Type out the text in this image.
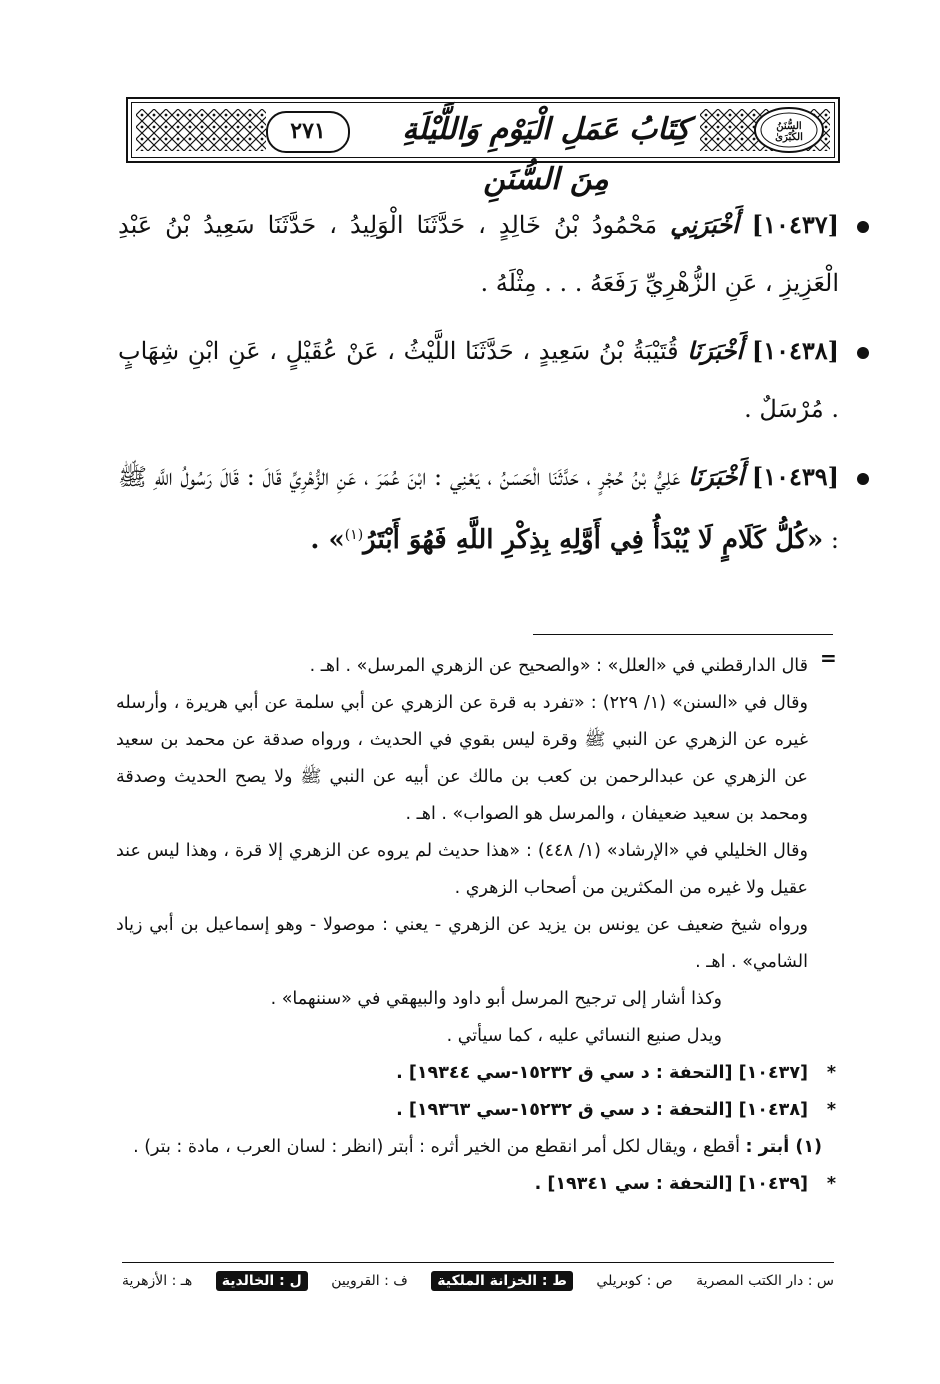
٢٧١	كِتَابُ عَمَلِ الْيَوْمِ وَاللَّيْلَةِ مِنَ السُّنَنِ
السُّنَنُ الكُبْرَىٰ
[١٠٤٣٧] أَخْبَرَنِي مَحْمُودُ بْنُ خَالِدٍ ، حَدَّثَنَا الْوَلِيدُ ، حَدَّثَنَا سَعِيدُ بْنُ عَبْدِ الْعَزِيزِ ، عَنِ الزُّهْرِيِّ رَفَعَهُ . . . مِثْلَهُ .
[١٠٤٣٨] أَخْبَرَنَا قُتَيْبَةُ بْنُ سَعِيدٍ ، حَدَّثَنَا اللَّيْثُ ، عَنْ عُقَيْلٍ ، عَنِ ابْنِ شِهَابٍ . مُرْسَلٌ .
[١٠٤٣٩] أَخْبَرَنَا عَلِيُّ بْنُ حُجْرٍ ، حَدَّثَنَا الْحَسَنُ ، يَعْنِي : ابْنَ عُمَرَ ، عَنِ الزُّهْرِيِّ قَالَ : قَالَ رَسُولُ اللَّهِ ﷺ : «كُلُّ كَلَامٍ لَا يُبْدَأُ فِي أَوَّلِهِ بِذِكْرِ اللَّهِ فَهُوَ أَبْتَرُ$^{(١)}$» .
=

قال الدارقطني في «العلل» : «والصحيح عن الزهري المرسل» . اهـ .

وقال في «السنن» (١/ ٢٢٩) : «تفرد به قرة عن الزهري عن أبي سلمة عن أبي هريرة ، وأرسله غيره عن الزهري عن النبي ﷺ وقرة ليس بقوي في الحديث ، ورواه صدقة عن محمد بن سعيد عن الزهري عن عبدالرحمن بن كعب بن مالك عن أبيه عن النبي ﷺ ولا يصح الحديث وصدقة ومحمد بن سعيد ضعيفان ، والمرسل هو الصواب» . اهـ .

وقال الخليلي في «الإرشاد» (١/ ٤٤٨) : «هذا حديث لم يروه عن الزهري إلا قرة ، وهذا ليس عند عقيل ولا غيره من المكثرين من أصحاب الزهري .

ورواه شيخ ضعيف عن يونس بن يزيد عن الزهري - يعني : موصولا - وهو إسماعيل بن أبي زياد الشامي» . اهـ .

وكذا أشار إلى ترجيح المرسل أبو داود والبيهقي في «سننهما» .

ويدل صنيع النسائي عليه ، كما سيأتي .

*
[١٠٤٣٧] [التحفة : د سي ق ١٥٢٣٢-سي ١٩٣٤٤] .

*
[١٠٤٣٨] [التحفة : د سي ق ١٥٢٣٢-سي ١٩٣٦٣] .

(١) أبتر : أقطع ، ويقال لكل أمر انقطع من الخير أثره : أبتر (انظر : لسان العرب ، مادة : بتر) .

*
[١٠٤٣٩] [التحفة : سي ١٩٣٤١] .

س : دار الكتب المصرية
ص : كوبريلي
ط : الخزانة الملكية
ف : القرويين
ل : الخالدية
هـ : الأزهرية
